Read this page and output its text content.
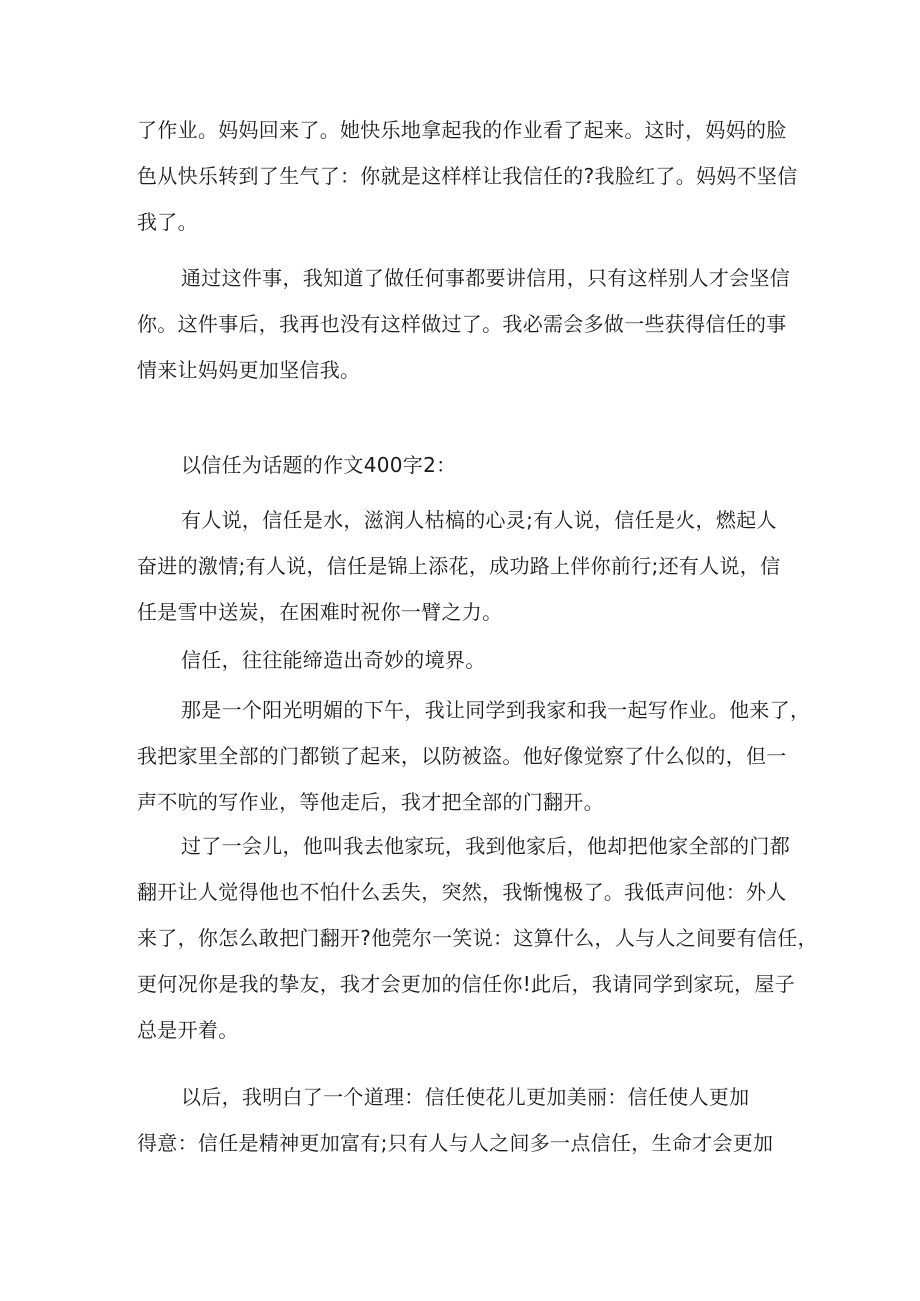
了作业。妈妈回来了。她快乐地拿起我的作业看了起来。这时，妈妈的脸
色从快乐转到了生气了：你就是这样样让我信任的?我脸红了。妈妈不坚信
我了。
通过这件事，我知道了做任何事都要讲信用，只有这样别人才会坚信
你。这件事后，我再也没有这样做过了。我必需会多做一些获得信任的事
情来让妈妈更加坚信我。
以信任为话题的作文400字2：
有人说，信任是水，滋润人枯槁的心灵;有人说，信任是火，燃起人
奋进的激情;有人说，信任是锦上添花，成功路上伴你前行;还有人说，信
任是雪中送炭，在困难时祝你一臂之力。
信任，往往能缔造出奇妙的境界。
那是一个阳光明媚的下午，我让同学到我家和我一起写作业。他来了，
我把家里全部的门都锁了起来，以防被盗。他好像觉察了什么似的，但一
声不吭的写作业，等他走后，我才把全部的门翻开。
过了一会儿，他叫我去他家玩，我到他家后，他却把他家全部的门都
翻开让人觉得他也不怕什么丢失，突然，我惭愧极了。我低声问他：外人
来了，你怎么敢把门翻开?他莞尔一笑说：这算什么，人与人之间要有信任，
更何况你是我的挚友，我才会更加的信任你!此后，我请同学到家玩，屋子
总是开着。
以后，我明白了一个道理：信任使花儿更加美丽：信任使人更加
得意：信任是精神更加富有;只有人与人之间多一点信任，生命才会更加
